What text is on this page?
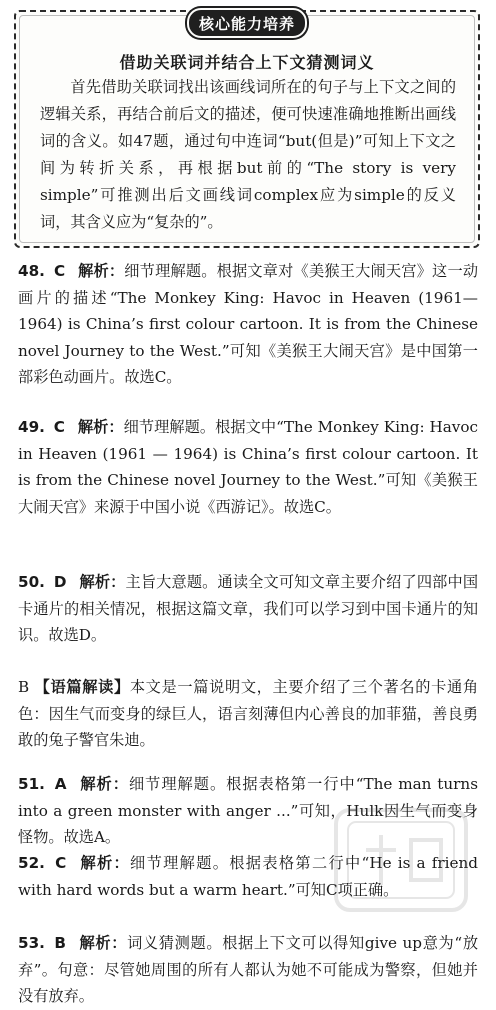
核心能力培养
借助关联词并结合上下文猜测词义
首先借助关联词找出该画线词所在的句子与上下文之间的逻辑关系，再结合前后文的描述，便可快速准确地推断出画线词的含义。如47题，通过句中连词“but(但是)”可知上下文之间为转折关系，再根据but前的“The story is very simple”可推测出后文画线词complex应为simple的反义词，其含义应为“复杂的”。
48. C 解析：细节理解题。根据文章对《美猴王大闹天宫》这一动画片的描述“The Monkey King: Havoc in Heaven (1961—1964) is China’s first colour cartoon. It is from the Chinese novel Journey to the West.”可知《美猴王大闹天宫》是中国第一部彩色动画片。故选C。
49. C 解析：细节理解题。根据文中“The Monkey King: Havoc in Heaven (1961 — 1964) is China’s first colour cartoon. It is from the Chinese novel Journey to the West.”可知《美猴王大闹天宫》来源于中国小说《西游记》。故选C。
50. D 解析：主旨大意题。通读全文可知文章主要介绍了四部中国卡通片的相关情况，根据这篇文章，我们可以学习到中国卡通片的知识。故选D。
B 【语篇解读】本文是一篇说明文，主要介绍了三个著名的卡通角色：因生气而变身的绿巨人，语言刻薄但内心善良的加菲猫，善良勇敢的兔子警官朱迪。
51. A 解析：细节理解题。根据表格第一行中“The man turns into a green monster with anger ...”可知，Hulk因生气而变身怪物。故选A。
52. C 解析：细节理解题。根据表格第二行中“He is a friend with hard words but a warm heart.”可知C项正确。
53. B 解析：词义猜测题。根据上下文可以得知give up意为“放弃”。句意：尽管她周围的所有人都认为她不可能成为警察，但她并没有放弃。
